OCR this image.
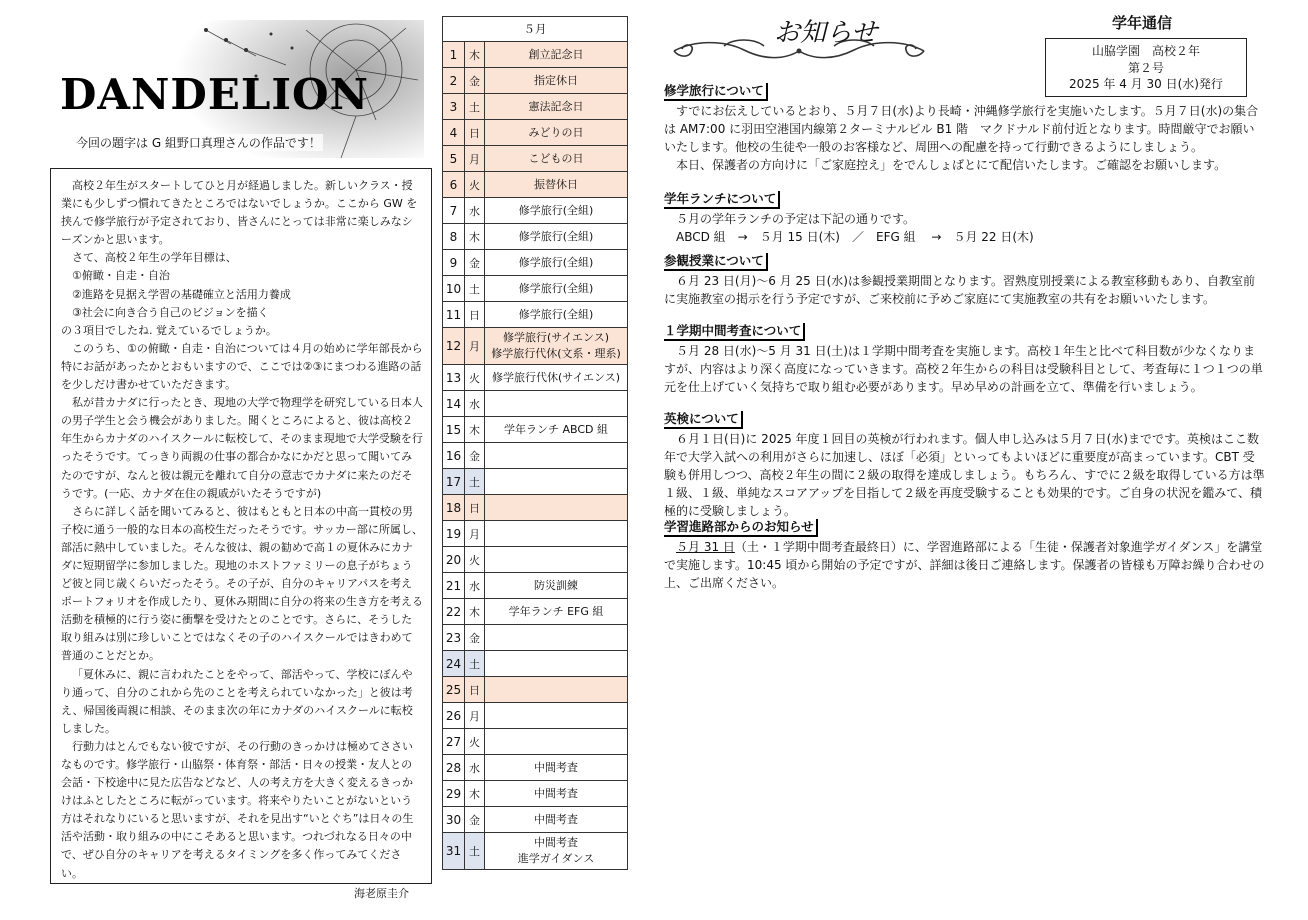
DANDELION
今回の題字は G 組野口真理さんの作品です！

高校２年生がスタートしてひと月が経過しました。新しいクラス・授業にも少しずつ慣れてきたところではないでしょうか。ここから GW を挟んで修学旅行が予定されており、皆さんにとっては非常に楽しみなシーズンかと思います。

さて、高校２年生の学年目標は、

①俯瞰・自走・自治

②進路を見据え学習の基礎確立と活用力養成

③社会に向き合う自己のビジョンを描く

の３項目でしたね. 覚えているでしょうか。

このうち、①の俯瞰・自走・自治については４月の始めに学年部長から特にお話があったかとおもいますので、ここでは②③にまつわる進路の話を少しだけ書かせていただきます。

私が昔カナダに行ったとき、現地の大学で物理学を研究している日本人の男子学生と会う機会がありました。聞くところによると、彼は高校２年生からカナダのハイスクールに転校して、そのまま現地で大学受験を行ったそうです。てっきり両親の仕事の都合かなにかだと思って聞いてみたのですが、なんと彼は親元を離れて自分の意志でカナダに来たのだそうです。(一応、カナダ在住の親戚がいたそうですが)

さらに詳しく話を聞いてみると、彼はもともと日本の中高一貫校の男子校に通う一般的な日本の高校生だったそうです。サッカー部に所属し、部活に熱中していました。そんな彼は、親の勧めで高１の夏休みにカナダに短期留学に参加しました。現地のホストファミリーの息子がちょうど彼と同じ歳くらいだったそう。その子が、自分のキャリアパスを考えポートフォリオを作成したり、夏休み期間に自分の将来の生き方を考える活動を積極的に行う姿に衝撃を受けたとのことです。さらに、そうした取り組みは別に珍しいことではなくその子のハイスクールではきわめて普通のことだとか。

「夏休みに、親に言われたことをやって、部活やって、学校にぼんやり通って、自分のこれから先のことを考えられていなかった」と彼は考え、帰国後両親に相談、そのまま次の年にカナダのハイスクールに転校しました。

行動力はとんでもない彼ですが、その行動のきっかけは極めてささいなものです。修学旅行・山脇祭・体育祭・部活・日々の授業・友人との会話・下校途中に見た広告などなど、人の考え方を大きく変えるきっかけはふとしたところに転がっています。将来やりたいことがないという方はそれなりにいると思いますが、それを見出す“いとぐち”は日々の生活や活動・取り組みの中にこそあると思います。つれづれなる日々の中で、ぜひ自分のキャリアを考えるタイミングを多く作ってみてください。

海老原圭介
５月		
1	木	創立記念日
2	金	指定休日
3	土	憲法記念日
4	日	みどりの日
5	月	こどもの日
6	火	振替休日
7	水	修学旅行(全組)
8	木	修学旅行(全組)
9	金	修学旅行(全組)
10	土	修学旅行(全組)
11	日	修学旅行(全組)
12	月	修学旅行(サイエンス)
修学旅行代休(文系・理系)
13	火	修学旅行代休(サイエンス)
14	水	
15	木	学年ランチ ABCD 組
16	金	
17	土	
18	日	
19	月	
20	火	
21	水	防災訓練
22	木	学年ランチ EFG 組
23	金	
24	土	
25	日	
26	月	
27	火	
28	水	中間考査
29	木	中間考査
30	金	中間考査
31	土	中間考査
進学ガイダンス
お知らせ	学年通信
山脇学園　高校２年
第２号
2025 年 4 月 30 日(水)発行
修学旅行について

すでにお伝えしているとおり、５月７日(水)より長崎・沖縄修学旅行を実施いたします。５月７日(水)の集合は AM7:00 に羽田空港国内線第２ターミナルビル B1 階　マクドナルド前付近となります。時間厳守でお願いいたします。他校の生徒や一般のお客様など、周囲への配慮を持って行動できるようにしましょう。

本日、保護者の方向けに「ご家庭控え」をでんしょばとにて配信いたします。ご確認をお願いします。

学年ランチについて

５月の学年ランチの予定は下記の通りです。

ABCD 組　→　５月 15 日(木)　／　EFG 組　 →　５月 22 日(木)

参観授業について

６月 23 日(月)～6 月 25 日(水)は参観授業期間となります。習熟度別授業による教室移動もあり、自教室前に実施教室の掲示を行う予定ですが、ご来校前に予めご家庭にて実施教室の共有をお願いいたします。

１学期中間考査について

５月 28 日(水)～5 月 31 日(土)は１学期中間考査を実施します。高校１年生と比べて科目数が少なくなりますが、内容はより深く高度になっていきます。高校２年生からの科目は受験科目として、考査毎に１つ１つの単元を仕上げていく気持ちで取り組む必要があります。早め早めの計画を立て、準備を行いましょう。

英検について

６月１日(日)に 2025 年度１回目の英検が行われます。個人申し込みは５月７日(水)までです。英検はここ数年で大学入試への利用がさらに加速し、ほぼ「必須」といってもよいほどに重要度が高まっています。CBT 受験も併用しつつ、高校２年生の間に２級の取得を達成しましょう。もちろん、すでに２級を取得している方は準１級、１級、単純なスコアアップを目指して２級を再度受験することも効果的です。ご自身の状況を鑑みて、積極的に受験しましょう。

学習進路部からのお知らせ

５月 31 日（土・１学期中間考査最終日）に、学習進路部による「生徒・保護者対象進学ガイダンス」を講堂で実施します。10:45 頃から開始の予定ですが、詳細は後日ご連絡します。保護者の皆様も万障お繰り合わせの上、ご出席ください。
